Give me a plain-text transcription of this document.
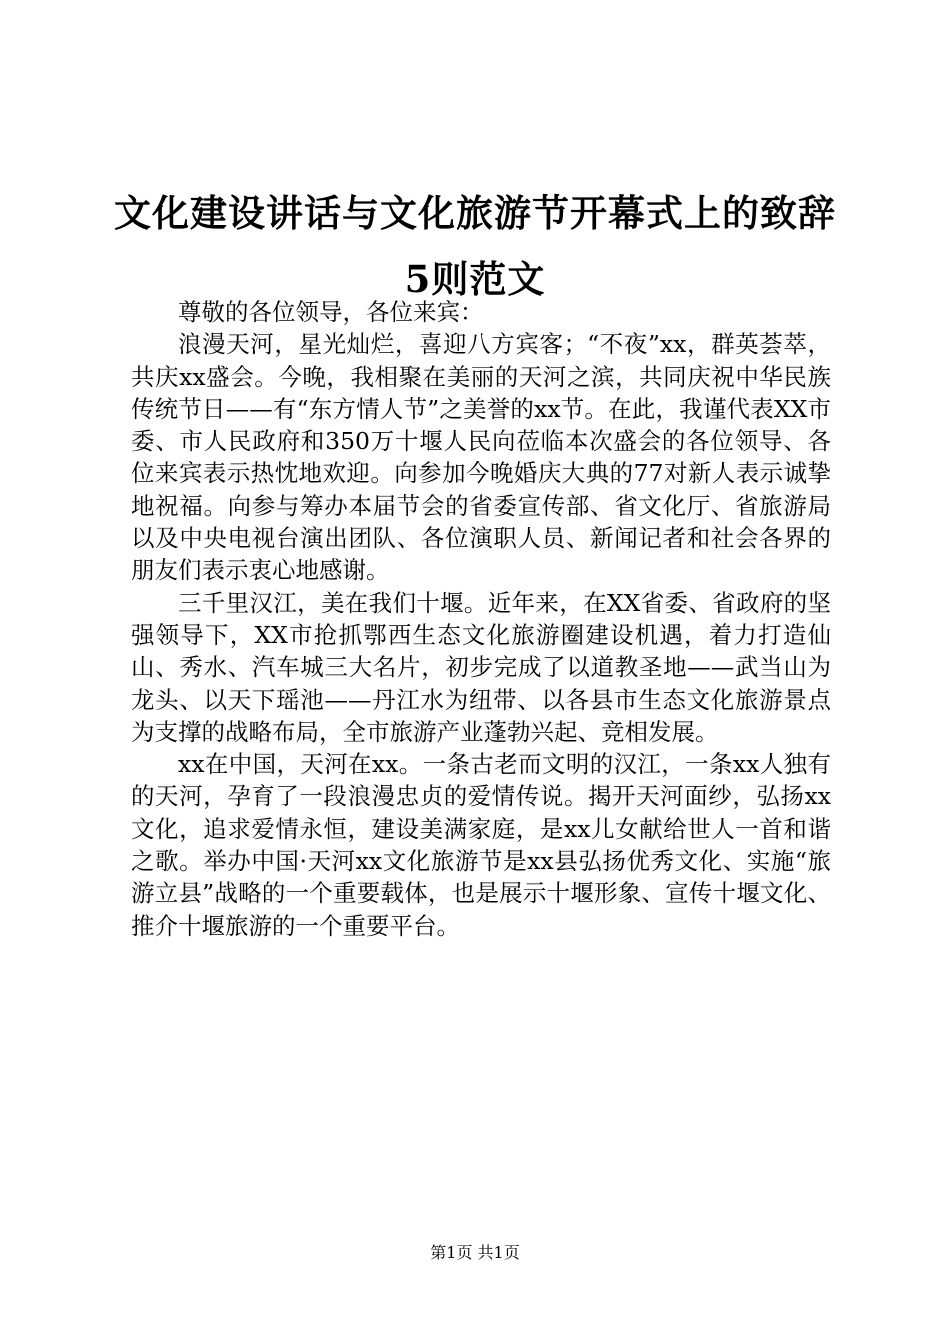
文化建设讲话与文化旅游节开幕式上的致辞5则范文

尊敬的各位领导，各位来宾：

浪漫天河，星光灿烂，喜迎八方宾客；“不夜”xx，群英荟萃，共庆xx盛会。今晚，我相聚在美丽的天河之滨，共同庆祝中华民族传统节日——有“东方情人节”之美誉的xx节。在此，我谨代表XX市委、市人民政府和350万十堰人民向莅临本次盛会的各位领导、各位来宾表示热忱地欢迎。向参加今晚婚庆大典的77对新人表示诚挚地祝福。向参与筹办本届节会的省委宣传部、省文化厅、省旅游局以及中央电视台演出团队、各位演职人员、新闻记者和社会各界的朋友们表示衷心地感谢。

三千里汉江，美在我们十堰。近年来，在XX省委、省政府的坚强领导下，XX市抢抓鄂西生态文化旅游圈建设机遇，着力打造仙山、秀水、汽车城三大名片，初步完成了以道教圣地——武当山为龙头、以天下瑶池——丹江水为纽带、以各县市生态文化旅游景点为支撑的战略布局，全市旅游产业蓬勃兴起、竞相发展。

xx在中国，天河在xx。一条古老而文明的汉江，一条xx人独有的天河，孕育了一段浪漫忠贞的爱情传说。揭开天河面纱，弘扬xx文化，追求爱情永恒，建设美满家庭，是xx儿女献给世人一首和谐之歌。举办中国·天河xx文化旅游节是xx县弘扬优秀文化、实施“旅游立县”战略的一个重要载体，也是展示十堰形象、宣传十堰文化、推介十堰旅游的一个重要平台。

第1页 共1页
